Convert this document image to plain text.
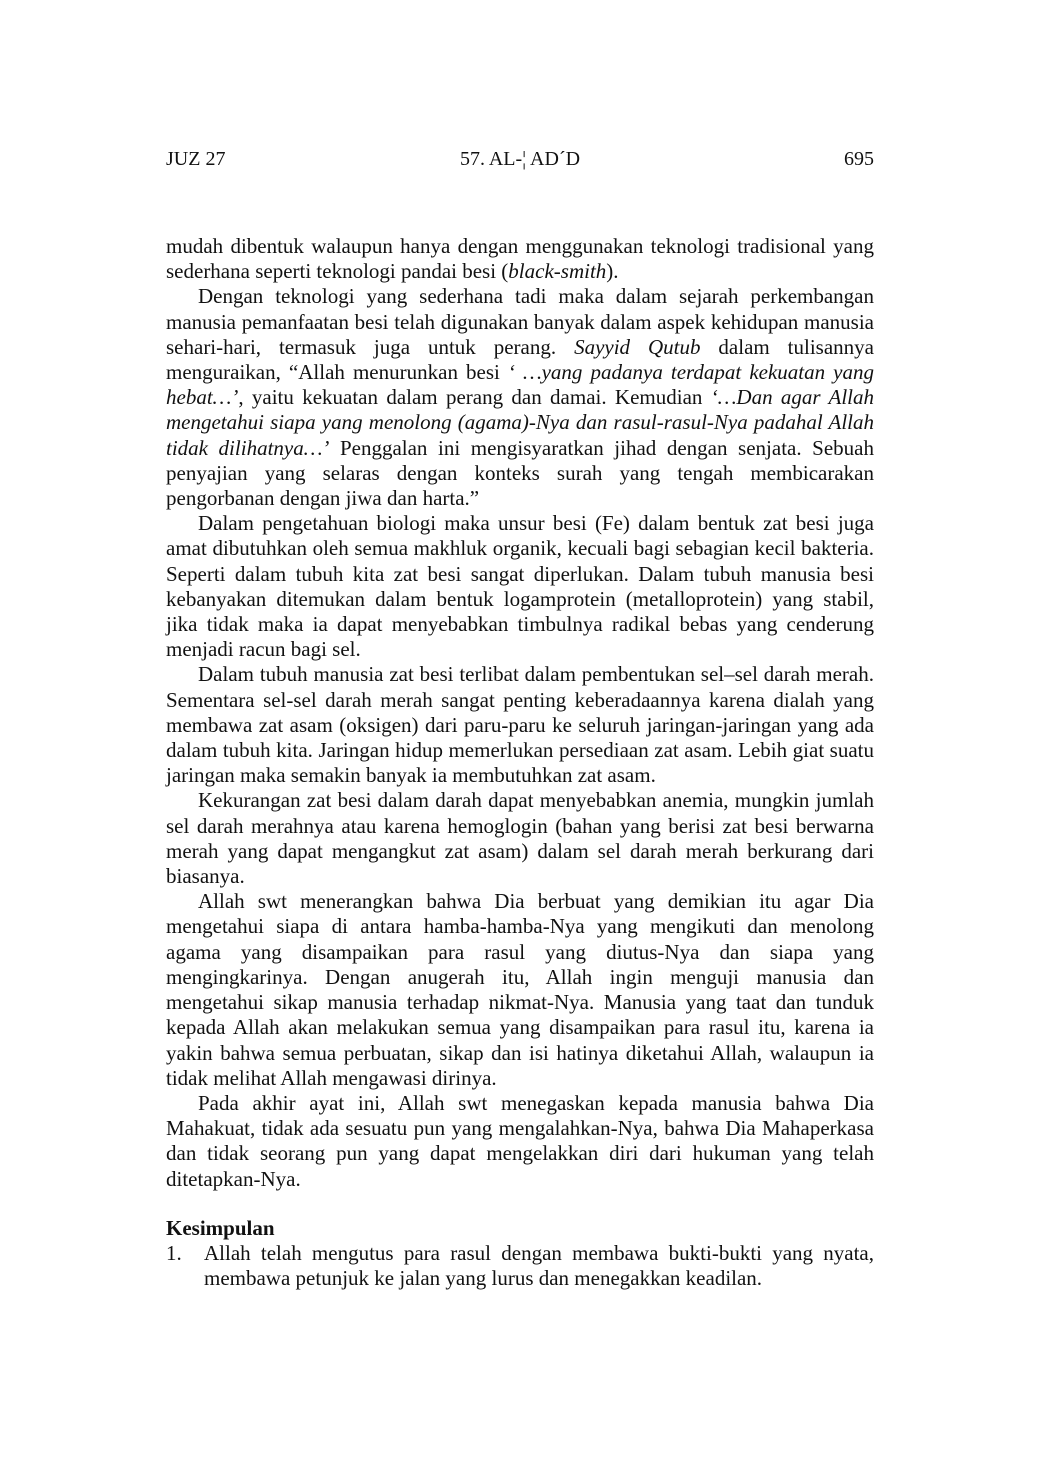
JUZ 27	57. AL-¦ AD´D	695

mudah dibentuk walaupun hanya dengan menggunakan teknologi tradisional yang sederhana seperti teknologi pandai besi (black-smith).

Dengan teknologi yang sederhana tadi maka dalam sejarah perkembangan manusia pemanfaatan besi telah digunakan banyak dalam aspek kehidupan manusia sehari-hari, termasuk juga untuk perang. Sayyid Qutub dalam tulisannya menguraikan, “Allah menurunkan besi ‘ …yang padanya terdapat kekuatan yang hebat…’, yaitu kekuatan dalam perang dan damai. Kemudian ‘…Dan agar Allah mengetahui siapa yang menolong (agama)-Nya dan rasul-rasul-Nya padahal Allah tidak dilihatnya…’ Penggalan ini mengisyaratkan jihad dengan senjata. Sebuah penyajian yang selaras dengan konteks surah yang tengah membicarakan pengorbanan dengan jiwa dan harta.”

Dalam pengetahuan biologi maka unsur besi (Fe) dalam bentuk zat besi juga amat dibutuhkan oleh semua makhluk organik, kecuali bagi sebagian kecil bakteria. Seperti dalam tubuh kita zat besi sangat diperlukan. Dalam tubuh manusia besi kebanyakan ditemukan dalam bentuk logamprotein (metalloprotein) yang stabil, jika tidak maka ia dapat menyebabkan timbulnya radikal bebas yang cenderung menjadi racun bagi sel.

Dalam tubuh manusia zat besi terlibat dalam pembentukan sel–sel darah merah. Sementara sel-sel darah merah sangat penting keberadaannya karena dialah yang membawa zat asam (oksigen) dari paru-paru ke seluruh jaringan-jaringan yang ada dalam tubuh kita. Jaringan hidup memerlukan persediaan zat asam. Lebih giat suatu jaringan maka semakin banyak ia membutuhkan zat asam.

Kekurangan zat besi dalam darah dapat menyebabkan anemia, mungkin jumlah sel darah merahnya atau karena hemoglogin (bahan yang berisi zat besi berwarna merah yang dapat mengangkut zat asam) dalam sel darah merah berkurang dari biasanya.

Allah swt menerangkan bahwa Dia berbuat yang demikian itu agar Dia mengetahui siapa di antara hamba-hamba-Nya yang mengikuti dan menolong agama yang disampaikan para rasul yang diutus-Nya dan siapa yang mengingkarinya. Dengan anugerah itu, Allah ingin menguji manusia dan mengetahui sikap manusia terhadap nikmat-Nya. Manusia yang taat dan tunduk kepada Allah akan melakukan semua yang disampaikan para rasul itu, karena ia yakin bahwa semua perbuatan, sikap dan isi hatinya diketahui Allah, walaupun ia tidak melihat Allah mengawasi dirinya.

Pada akhir ayat ini, Allah swt menegaskan kepada manusia bahwa Dia Mahakuat, tidak ada sesuatu pun yang mengalahkan-Nya, bahwa Dia Mahaperkasa dan tidak seorang pun yang dapat mengelakkan diri dari hukuman yang telah ditetapkan-Nya.

Kesimpulan

1.	Allah telah mengutus para rasul dengan membawa bukti-bukti yang nyata, membawa petunjuk ke jalan yang lurus dan menegakkan keadilan.
